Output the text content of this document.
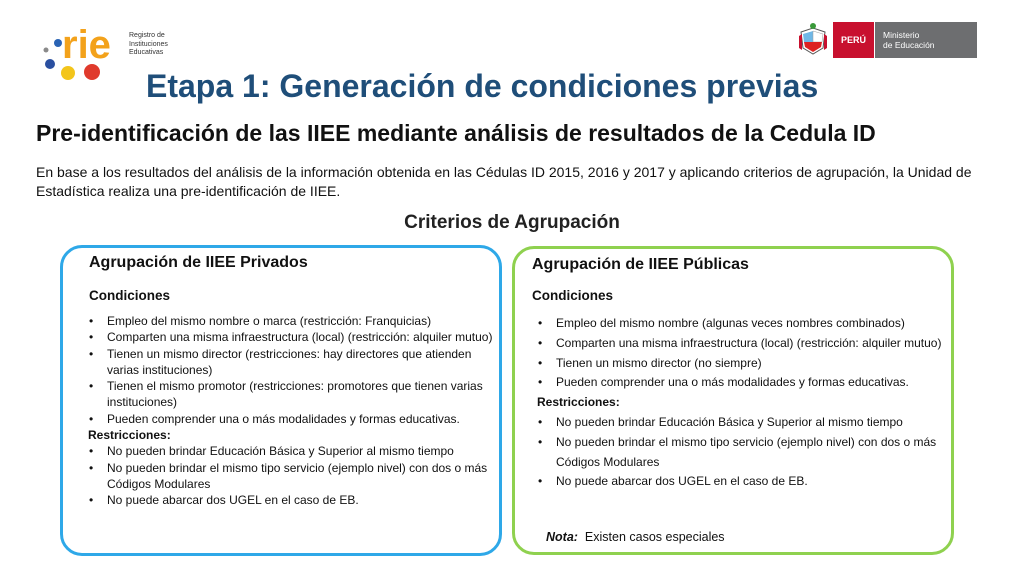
rie	Registro de
Instituciones
Educativas
PERÚ	Ministerio
de Educación
Etapa 1: Generación de condiciones previas
Pre-identificación de las IIEE mediante análisis de resultados de la Cedula ID
En base a los resultados del análisis de la información obtenida en las Cédulas ID 2015, 2016 y 2017 y aplicando criterios de agrupación, la Unidad de Estadística realiza una pre-identificación de IIEE.
Criterios de Agrupación
Agrupación de IIEE Privados
Condiciones
• Empleo del mismo nombre o marca (restricción: Franquicias)
• Comparten una misma infraestructura (local) (restricción: alquiler mutuo)
• Tienen un mismo director (restricciones: hay directores que atienden varias instituciones)
• Tienen el mismo promotor (restricciones: promotores que tienen varias instituciones)
• Pueden comprender una o más modalidades y formas educativas.
Restricciones:
• No pueden brindar Educación Básica y Superior al mismo tiempo
• No pueden brindar el mismo tipo servicio (ejemplo nivel) con dos o más Códigos Modulares
• No puede abarcar dos UGEL en el caso de EB.
Agrupación de IIEE Públicas
Condiciones
• Empleo del mismo nombre (algunas veces nombres combinados)
• Comparten una misma infraestructura (local) (restricción: alquiler mutuo)
• Tienen un mismo director (no siempre)
• Pueden comprender una o más modalidades y formas educativas.
Restricciones:
• No pueden brindar Educación Básica y Superior al mismo tiempo
• No pueden brindar el mismo tipo servicio (ejemplo nivel) con dos o más Códigos Modulares
• No puede abarcar dos UGEL en el caso de EB.
Nota: Existen casos especiales
